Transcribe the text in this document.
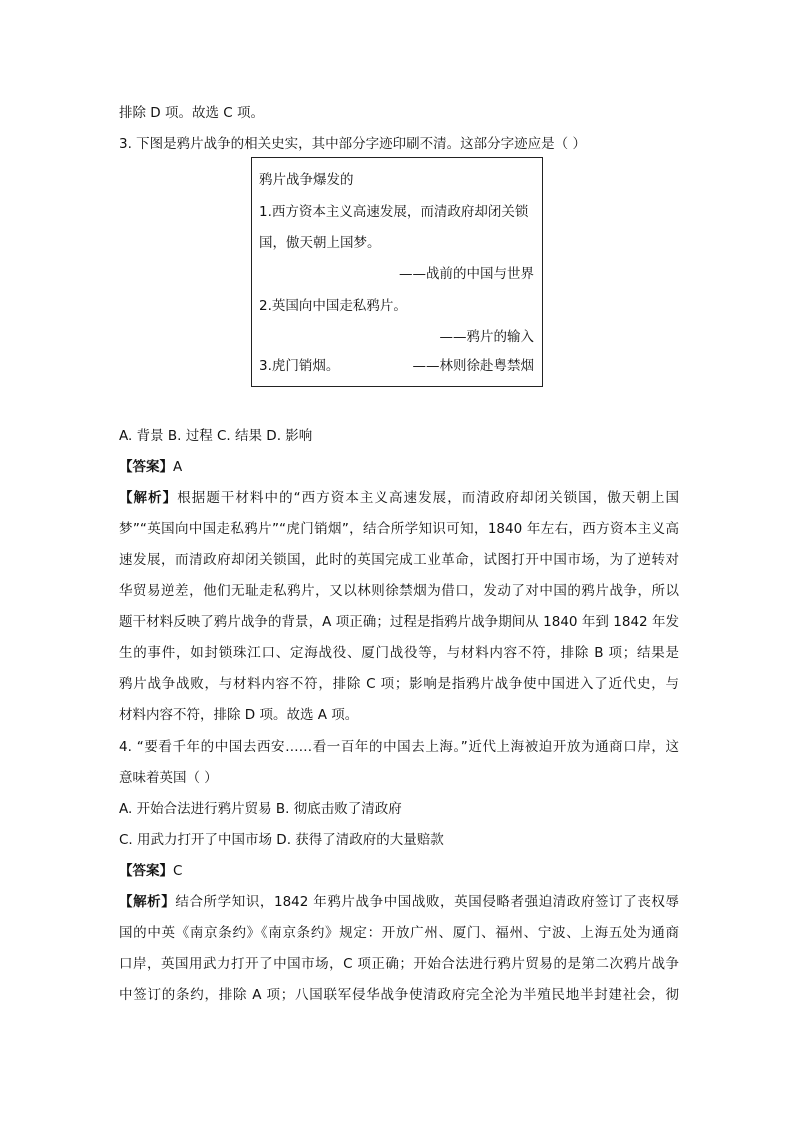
排除 D 项。故选 C 项。
3. 下图是鸦片战争的相关史实，其中部分字迹印刷不清。这部分字迹应是（ ）
鸦片战争爆发的
1.西方资本主义高速发展，而清政府却闭关锁
国，傲天朝上国梦。
——战前的中国与世界
2.英国向中国走私鸦片。
——鸦片的输入
3.虎门销烟。	——林则徐赴粤禁烟
A. 背景 B. 过程 C. 结果 D. 影响
【答案】A
【解析】根据题干材料中的“西方资本主义高速发展，而清政府却闭关锁国，傲天朝上国
梦”“英国向中国走私鸦片”“虎门销烟”，结合所学知识可知，1840 年左右，西方资本主义高
速发展，而清政府却闭关锁国，此时的英国完成工业革命，试图打开中国市场，为了逆转对
华贸易逆差，他们无耻走私鸦片，又以林则徐禁烟为借口，发动了对中国的鸦片战争，所以
题干材料反映了鸦片战争的背景，A 项正确；过程是指鸦片战争期间从 1840 年到 1842 年发
生的事件，如封锁珠江口、定海战役、厦门战役等，与材料内容不符，排除 B 项；结果是
鸦片战争战败，与材料内容不符，排除 C 项；影响是指鸦片战争使中国进入了近代史，与
材料内容不符，排除 D 项。故选 A 项。
4. “要看千年的中国去西安……看一百年的中国去上海。”近代上海被迫开放为通商口岸，这
意味着英国（ ）
A. 开始合法进行鸦片贸易 B. 彻底击败了清政府
C. 用武力打开了中国市场 D. 获得了清政府的大量赔款
【答案】C
【解析】结合所学知识，1842 年鸦片战争中国战败，英国侵略者强迫清政府签订了丧权辱
国的中英《南京条约》《南京条约》规定：开放广州、厦门、福州、宁波、上海五处为通商
口岸，英国用武力打开了中国市场，C 项正确；开始合法进行鸦片贸易的是第二次鸦片战争
中签订的条约，排除 A 项；八国联军侵华战争使清政府完全沦为半殖民地半封建社会，彻
